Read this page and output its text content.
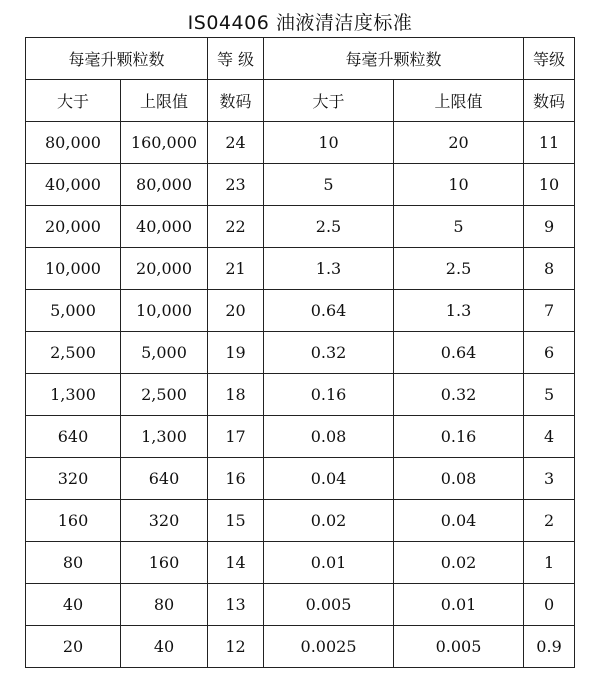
IS04406 油液清洁度标准
每毫升颗粒数		等 级	每毫升颗粒数		等级
大于	上限值	数码	大于	上限值	数码
80,000	160,000	24	10	20	11
40,000	80,000	23	5	10	10
20,000	40,000	22	2.5	5	9
10,000	20,000	21	1.3	2.5	8
5,000	10,000	20	0.64	1.3	7
2,500	5,000	19	0.32	0.64	6
1,300	2,500	18	0.16	0.32	5
640	1,300	17	0.08	0.16	4
320	640	16	0.04	0.08	3
160	320	15	0.02	0.04	2
80	160	14	0.01	0.02	1
40	80	13	0.005	0.01	0
20	40	12	0.0025	0.005	0.9
